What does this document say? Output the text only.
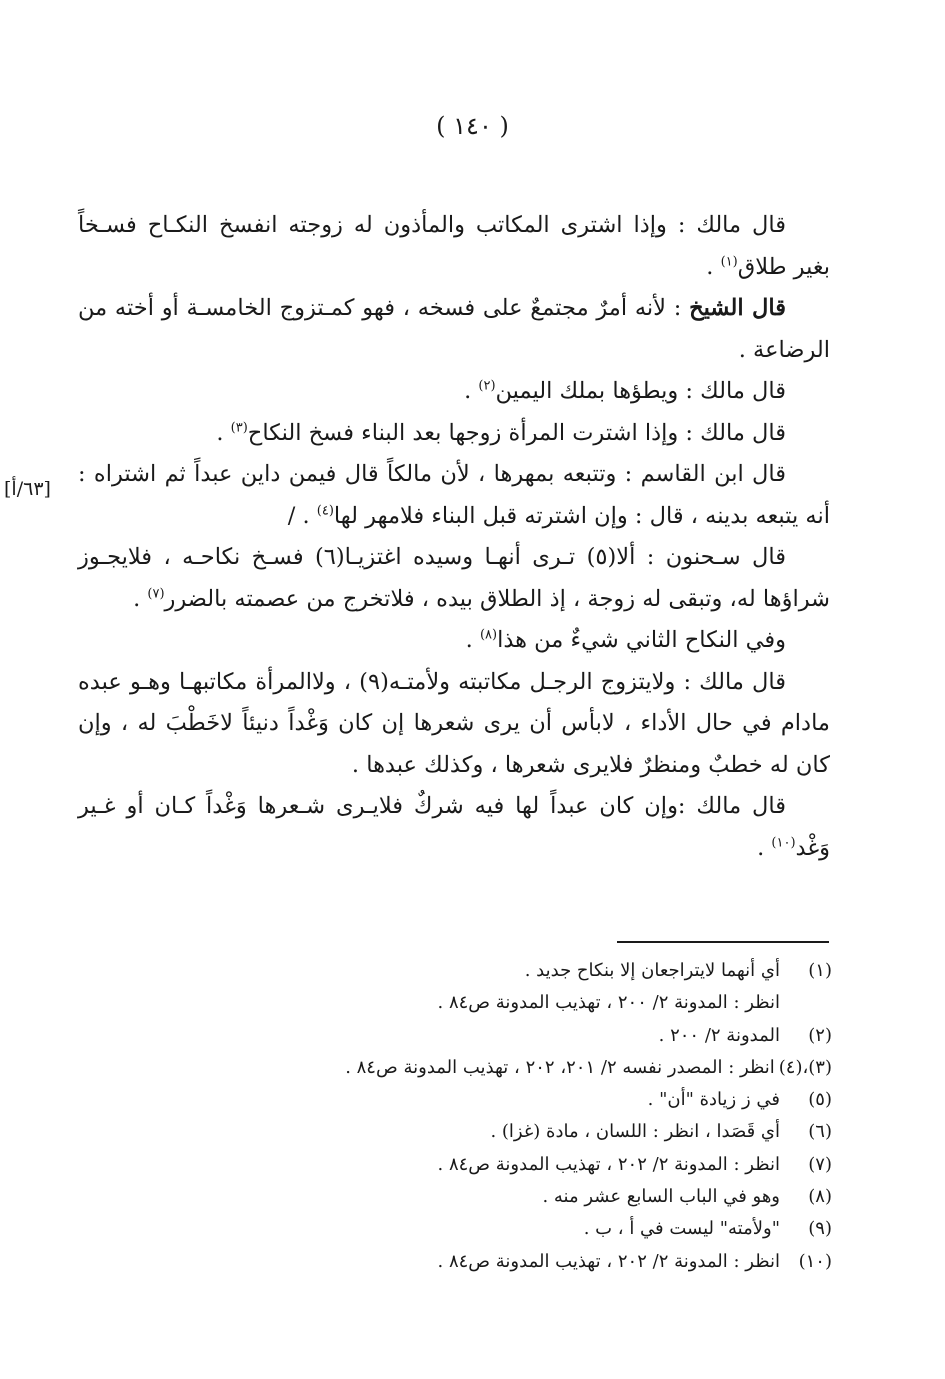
( ١٤٠ )
[٦٣/أ]

قال مالك : وإذا اشترى المكاتب والمأذون له زوجته انفسخ النكـاح فسـخاً بغير طلاق$^{(١)}$ .

قال الشيخ : لأنه أمرٌ مجتمعٌ على فسخه ، فهو كمـتزوج الخامسـة أو أخته من الرضاعة .

قال مالك : ويطؤها بملك اليمين$^{(٢)}$ .

قال مالك : وإذا اشترت المرأة زوجها بعد البناء فسخ النكاح$^{(٣)}$ .

قال ابن القاسم : وتتبعه بمهرها ، لأن مالكاً قال فيمن داين عبداً ثم اشتراه : أنه يتبعه بدينه ، قال : وإن اشترته قبل البناء فلامهر لها$^{(٤)}$ . /

قال سـحنون : ألا(٥) تـرى أنهـا وسيده اغتزيـا(٦) فسـخ نكاحـه ، فلايجـوز شراؤها له، وتبقى له زوجة ، إذ الطلاق بيده ، فلاتخرج من عصمته بالضرر$^{(٧)}$ .

وفي النكاح الثاني شيءٌ من هذا$^{(٨)}$ .

قال مالك : ولايتزوج الرجـل مكاتبته ولأمتـه(٩) ، ولاالمرأة مكاتبهـا وهـو عبده مادام في حال الأداء ، لابأس أن يرى شعرها إن كان وَغْداً دنيئاً لاخَطْبَ له ، وإن كان له خطبٌ ومنظرٌ فلايرى شعرها ، وكذلك عبدها .

قال مالك :وإن كان عبداً لها فيه شركٌ فلايـرى شـعرها وَغْداً كـان أو غـير وَغْد$^{(١٠)}$ .

(١)
أي أنهما لايتراجعان إلا بنكاح جديد .
انظر : المدونة ٢/ ٢٠٠ ، تهذيب المدونة ص٨٤ .
(٢)
المدونة ٢/ ٢٠٠ .
(٣)،(٤)
انظر : المصدر نفسه ٢/ ٢٠١، ٢٠٢ ، تهذيب المدونة ص٨٤ .
(٥)
في ز زيادة "أن" .
(٦)
أي قَصَدا ، انظر : اللسان ، مادة (غزا) .
(٧)
انظر : المدونة ٢/ ٢٠٢ ، تهذيب المدونة ص٨٤ .
(٨)
وهو في الباب السابع عشر منه .
(٩)
"ولأمته" ليست في أ ، ب .
(١٠)
انظر : المدونة ٢/ ٢٠٢ ، تهذيب المدونة ص٨٤ .
